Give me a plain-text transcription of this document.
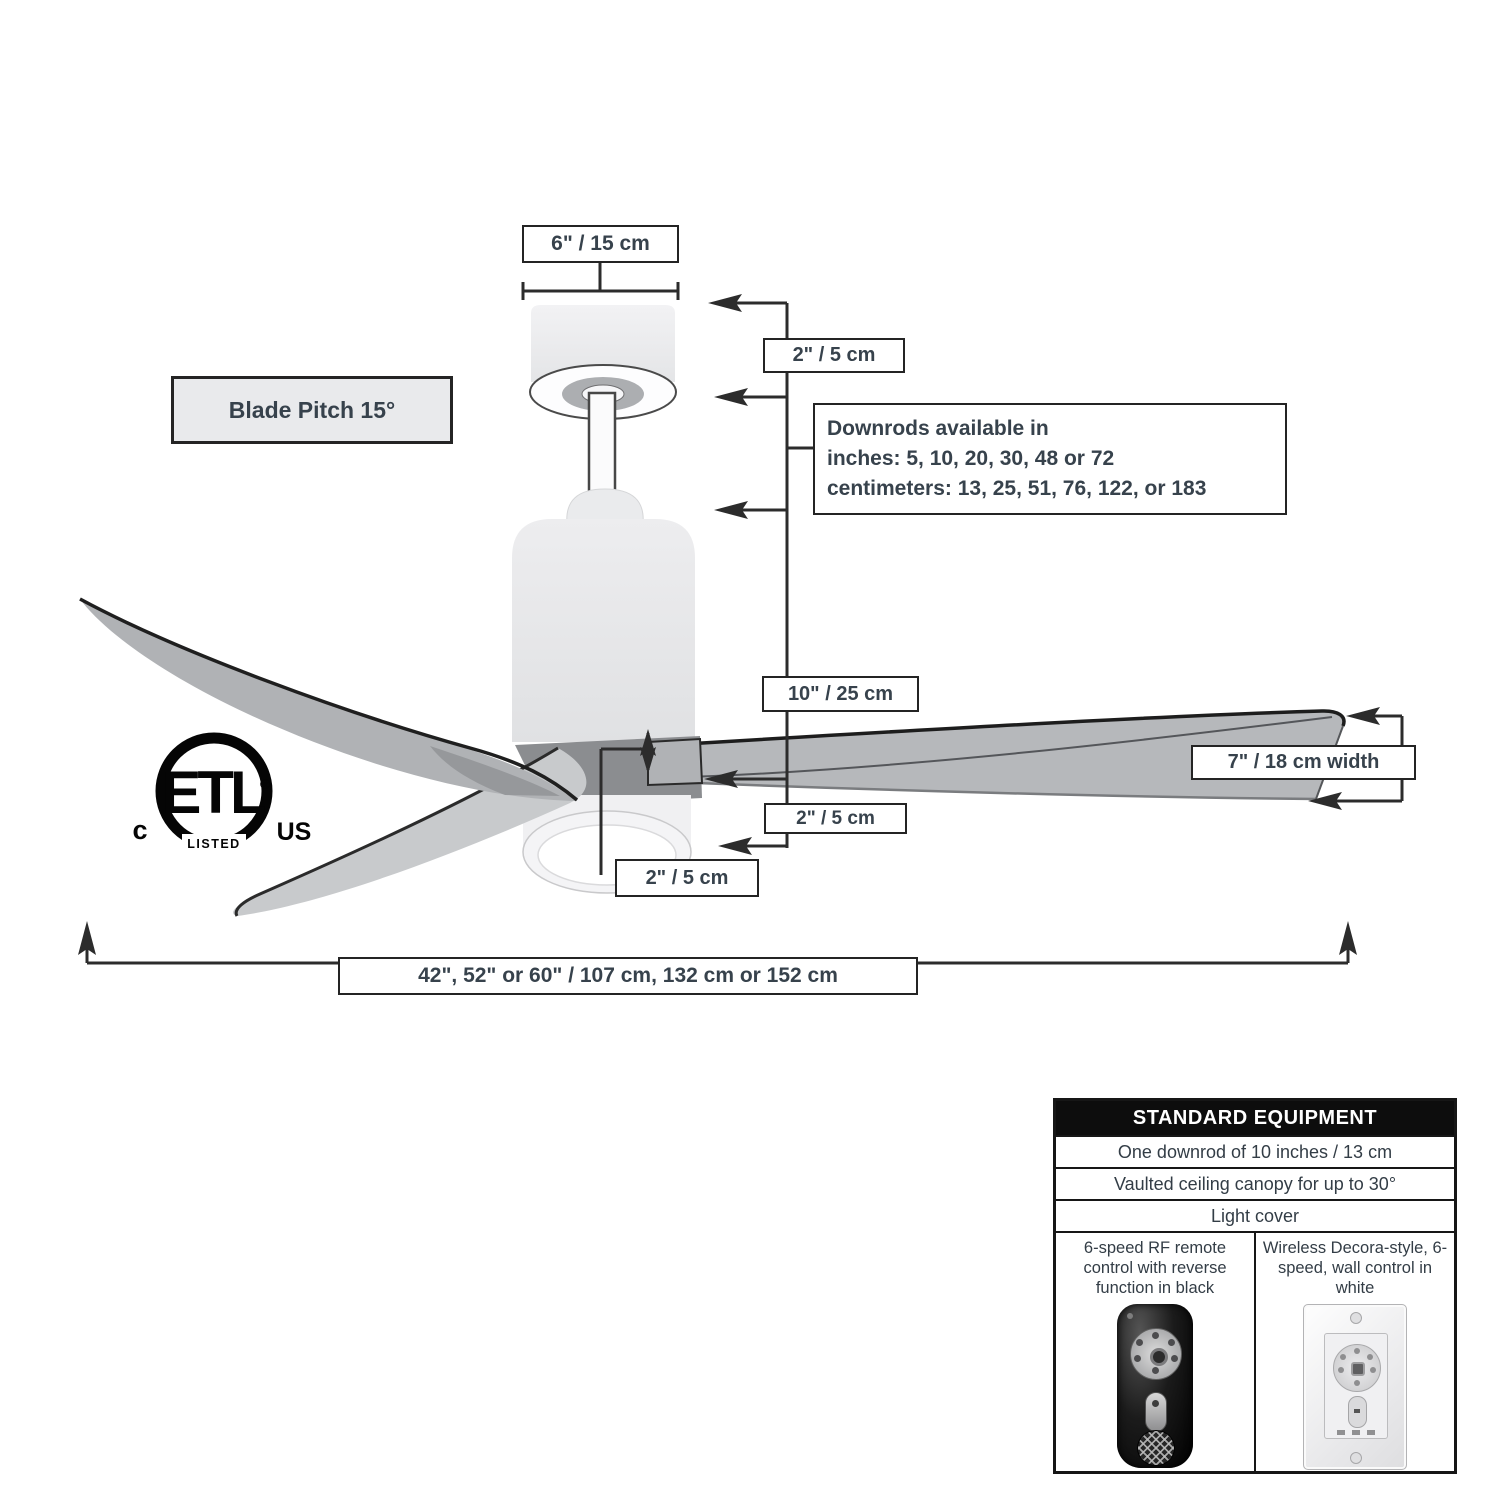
ETL
®
LISTED
c	US
6" / 15 cm
Blade Pitch 15°
2" / 5 cm
Downrods available in
inches: 5, 10, 20, 30, 48 or 72
centimeters: 13, 25, 51, 76, 122, or 183
10" / 25 cm
7" / 18 cm width
2" / 5 cm
2" / 5 cm
42", 52" or 60" / 107 cm, 132 cm or 152 cm
STANDARD EQUIPMENT
One downrod of 10 inches / 13 cm
Vaulted ceiling canopy for up to 30°
Light cover
6-speed RF remote control with reverse function in black
Wireless Decora-style, 6-speed, wall control in white
